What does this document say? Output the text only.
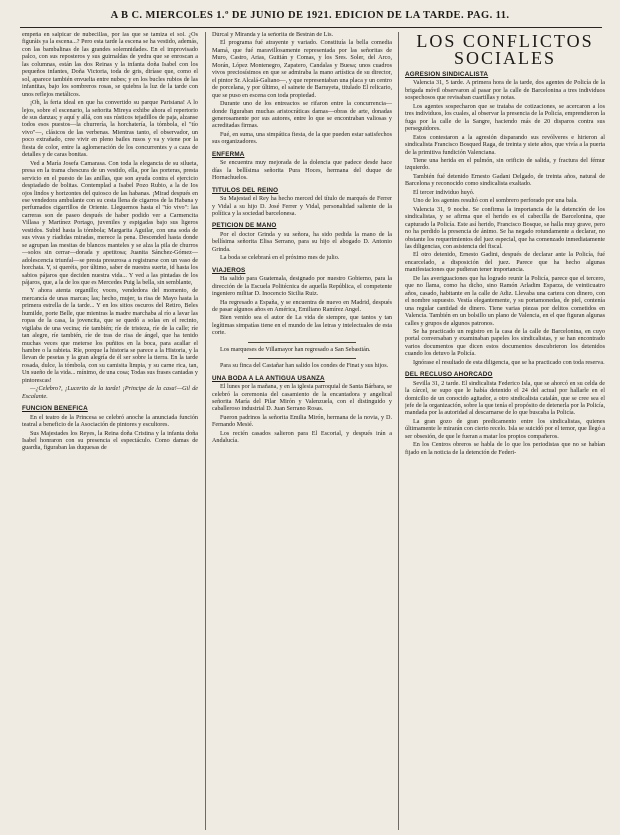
A B C. MIERCOLES 1.º DE JUNIO DE 1921. EDICION DE LA TARDE. PAG. 11.

empeña en salpicar de nubecillas, por las que se tamiza el sol. ¿Os figuráis ya la escena...? Pero esta tarde la escena se ha vestido, además, con las bambalinas de las grandes solemnidades. En el improvisado palco, con sus reposteros y sus guirnaldas de yedra que se enroscan a las columnas, están las dos Reinas y la infanta doña Isabel con los pequeños infantes, Doña Victoria, toda de gris, diríase que, como el sol, aparece también envuelta entre nubes; y en los bucles rubios de las infantitas, bajo los sombreros rosas, se quiebra la luz de la tarde con unos reflejos metálicos.

¡Oh, la feria ideal en que ha convertido su parque Parisiana! A lo lejos, sobre el escenario, la señorita Mireya exhibe ahora el repertorio de sus danzas; y aquí y allá, con sus rústicos tejadillos de paja, alzanse todos esos puestos—la churrería, la horchatería, la tómbola, el "tío vivo"—, clásicos de las verbenas. Mientras tanto, el observador, un poco extrañado, cree vivir en pleno bailes rusos y va y viene por la fiesta de color, entre la aglomeración de los concurrentes y a caza de detalles y de caras bonitas.

Ved a María Josefa Camarasa. Con toda la elegancia de su silueta, presa en la trama chescura de un vestido, ella, por las porteras, presta servicio en el puesto de las anillas, que son ayuda contra el ejercicio despiadado de bolitas. Contemplad a Isabel Pozo Rubio, a la de Ios ojos lindos y horizontes del quiosco de las habanas. ¡Mirad después en ese vendedora ambulante con su cesta llena de cigarros de la Habana y perfumados cigarrillos de Oriente. Lleguemos hasta el "tío vivo": las carreras son de paseo después de haber podido ver a Carmencita Villasa y Martínez Portago, juveniles y espigadas bajo sus ligeros vestidos. Subid hasta la tómbola; Margarita Aguilar, con una soda de sus vivas y ríadidas miradas, merece la pena. Descended hasta donde se agrupan las mesitas de blancos manteles y se alza la pila de churros—solos sin cerrar—dorada y apetitosa; Juanita Sánchez-Gómez—adolescencia triunfal—se presta presurosa a registrarse con un vaso de horchata. Y, si queréis, por último, saber de nuestra suerte, id hasta los sabios pájaros que deciden nuestra vida... Y ved a las pintadas de los pájaros, que, a la de los que es Mercedes Puig la bella, sin semblante,

Y ahora atenta organillo; voces, vendedora del momento, de mercancía de unas marcas; las; hecho, mujer, ta risa de Mayo hasta la primera estrella de la tarde... Y en los sitios oscuros del Retiro, Beles humilde, porte Belle, que mientras la madre marchaba al río a lavar las ropas de la casa, la jovencita, que se quedó a solas en el recinto, vigilaba de una vecina; ríe también; ríe de tristeza, ríe de la calle; ríe tan alegre, ríe también, ríe de tras de risa de ángel, que ha tenido muchas veces que meterse los puñitos en la boca, para acallar el hambre o la rabieta. Ríe, porque la historia se parece a la Historia, y la llevan de pesetas y la gran alegría de él ser sobre la tierra. En la tarde rosada, dulce, la tómbola, con su camisita limpia, y su carne rica, tan, Un sueño de la vida... mínimo, de una cosa; Todas sus frases cantadas y pintorescas!

—¿Celebro?, ¡Lucerito de la tarde! ¡Principe de la casa!—Gil de Escalante.

FUNCION BENEFICA

En el teatro de la Princesa se celebró anoche la anunciada función teatral a beneficio de la Asociación de pintores y escultores.

Sus Majestades los Reyes, la Reina doña Cristina y la infanta doña Isabel honraron con su presencia el espectáculo. Como damas de guardia, figuraban las duquesas de

Dúrcal y Miranda y la señorita de Bestrán de Lis.

El programa fué atrayente y variado. Constituía la bella comedia Mamá, que fué maravillosamente representada por las señoritas de Muro, Castro, Arias, Guitián y Comas, y los Sres. Soler, del Arco, Morán, López Montenegro, Zapatero, Candalas y Buesa; unos cuadros vivos preciosísimos en que se admiraba la mano artística de su director, el pintor Sr. Alcalá-Galiano—, y que representaban una placa y un centro de porcelana, y por último, el sainete de Barrayeta, titulado El relicario, que se puso en escena con toda propiedad.

Durante uno de los entreactos se rifaron entre la concurrencia—donde figuraban muchas aristocráticas damas—obras de arte, donadas generosamente por sus autores, entre lo que se encontraban valiosas y acreditadas firmas.

Fué, en suma, una simpática fiesta, de la que pueden estar satisfechos sus organizadores.

ENFERMA

Se encuentra muy mejorada de la dolencia que padece desde hace días la bellísima señorita Pura Hoces, hermana del duque de Hornachuelos.

TITULOS DEL REINO

Su Majestad el Rey ha hecho merced del título de marqués de Ferrer y Vidal a su hijo D. José Ferrer y Vidal, personalidad saliente de la política y la sociedad barcelonesa.

PETICION DE MANO

Por el doctor Grinda y su señora, ha sido pedida la mano de la bellísima señorita Elisa Serrano, para su hijo el abogado D. Antonio Grinda.

La boda se celebrará en el próximo mes de julio.

VIAJEROS

Ha salido para Guatemala, designado por nuestro Gobierno, para la dirección de la Escuela Politécnica de aquella República, el competente ingeniero militar D. Inocencio Sicilia Ruiz.

Ha regresado a España, y se encuentra de nuevo en Madrid, después de pasar algunos años en América, Emiliano Ramírez Angel.

Bien venido sea el autor de La vida de siempre, que tantos y tan legítimas simpatías tiene en el mundo de las letras y intelectuales de esta corte.

Los marqueses de Villamayor han regresado a San Sebastián.

Para su finca del Castañar han salido los condes de Finat y sus hijos.

UNA BODA A LA ANTIGUA USANZA

El lunes por la mañana, y en la iglesia parroquial de Santa Bárbara, se celebró la ceremonia del casamiento de la encantadora y angelical señorita María del Pilar Mirón y Valenzuela, con el distinguido y caballeroso industrial D. Juan Serrano Rosas.

Fueron padrinos la señorita Emilia Mirón, hermana de la novia, y D. Fernando Mesié.

Los recién casados salieron para El Escorial, y después irán a Andalucía.

LOS CONFLICTOS SOCIALES
AGRESION SINDICALISTA

Valencia 31, 5 tarde. A primera hora de la tarde, dos agentes de Policía de la brigada móvil observaron al pasar por la calle de Barcelonina a tres individuos sospechosos que revisaban cuartillas y notas.

Los agentes sospecharon que se trataba de cotizaciones, se acercaron a los tres individuos, los cuales, al observar la presencia de la Policía, emprendieron la fuga por la calle de la Sangre, haciendo más de 20 disparos contra sus perseguidores.

Estos contestaron a la agresión disparando sus revólveres e hirieron al sindicalista Francisco Bosqued Raga, de treinta y siete años, que vivía a la puerta de la primitiva fundición Valenciana.

Tiene una herida en el pulmón, sin orificio de salida, y fractura del fémur izquierdo.

También fué detenido Ernesto Gadani Delgado, de treinta años, natural de Barcelona y reconocido como sindicalista exaltado.

El tercer individuo huyó.

Uno de los agentes resultó con el sombrero perforado por una bala.

Valencia 31, 9 noche. Se confirma la importancia de la detención de los sindicalistas, y se afirma que el herido es el cabecilla de Barcelonina, que capturado la Policía. Este así herido, Francisco Bosque, se halla muy grave, pero no ha perdido la presencia de ánimo. Se ha negado rotundamente a declarar, no obstante los requerimientos del juez especial, que ha comenzado inmediatamente las diligencias, con asistencia del fiscal.

El otro detenido, Ernesto Gadini, después de declarar ante la Policía, fué encarcelado, a disposición del juez. Parece que ha hecho algunas manifestaciones que pudieran tener importancia.

De las averiguaciones que ha logrado reunir la Policía, parece que el tercero, que no llama, como ha dicho, sino Ramón Arladim Esparza, de veinticuatro años, casado, habitante en la calle de Adiz. Llevaba una cartera con dinero, con el nombre supuesto. Vestía elegantemente, y su portamonedas, de piel, contenía una regular cantidad de dinero. Tiene varias piezas por delitos cometidos en Valencia. También en un bolsillo un plano de Valencia, en el que figuran algunas calles y grupos de algunos patronos.

Se ha practicado un registro en la casa de la calle de Barcelonina, en cuyo portal conversaban y examinaban papeles los sindicalistas, y se han encontrado varios documentos que dicen estos documentos descubrieron los detenidos cuando los detuvo la Policía.

Ignórase el resultado de esta diligencia, que se ha practicado con toda reserva.

DEL RECLUSO AHORCADO

Sevilla 31, 2 tarde. El sindicalista Federico Isla, que se ahorcó en su celda de la cárcel, se supo que le había detenido el 24 del actual por hallarle en el domicilio de un conocido agitador, a otro sindicalista catalán, que se cree sea el jefe de la organización, sobre la que tenía el propósito de detenerla por la Policía, mandada por la autoridad al descarnarse de lo que buscaba la Policía.

La gran gozo de gran predicamento entre los sindicalistas, quienes últimamente le mirarán con cierto recelo. Isla se suicidó por el temor, que llegó a ser obsesión, de que le fueran a matar los propios compañeros.

En los Centros obreros se habla de lo que los periodistas que no se habían fijado en la noticia de la detención de Federi-
